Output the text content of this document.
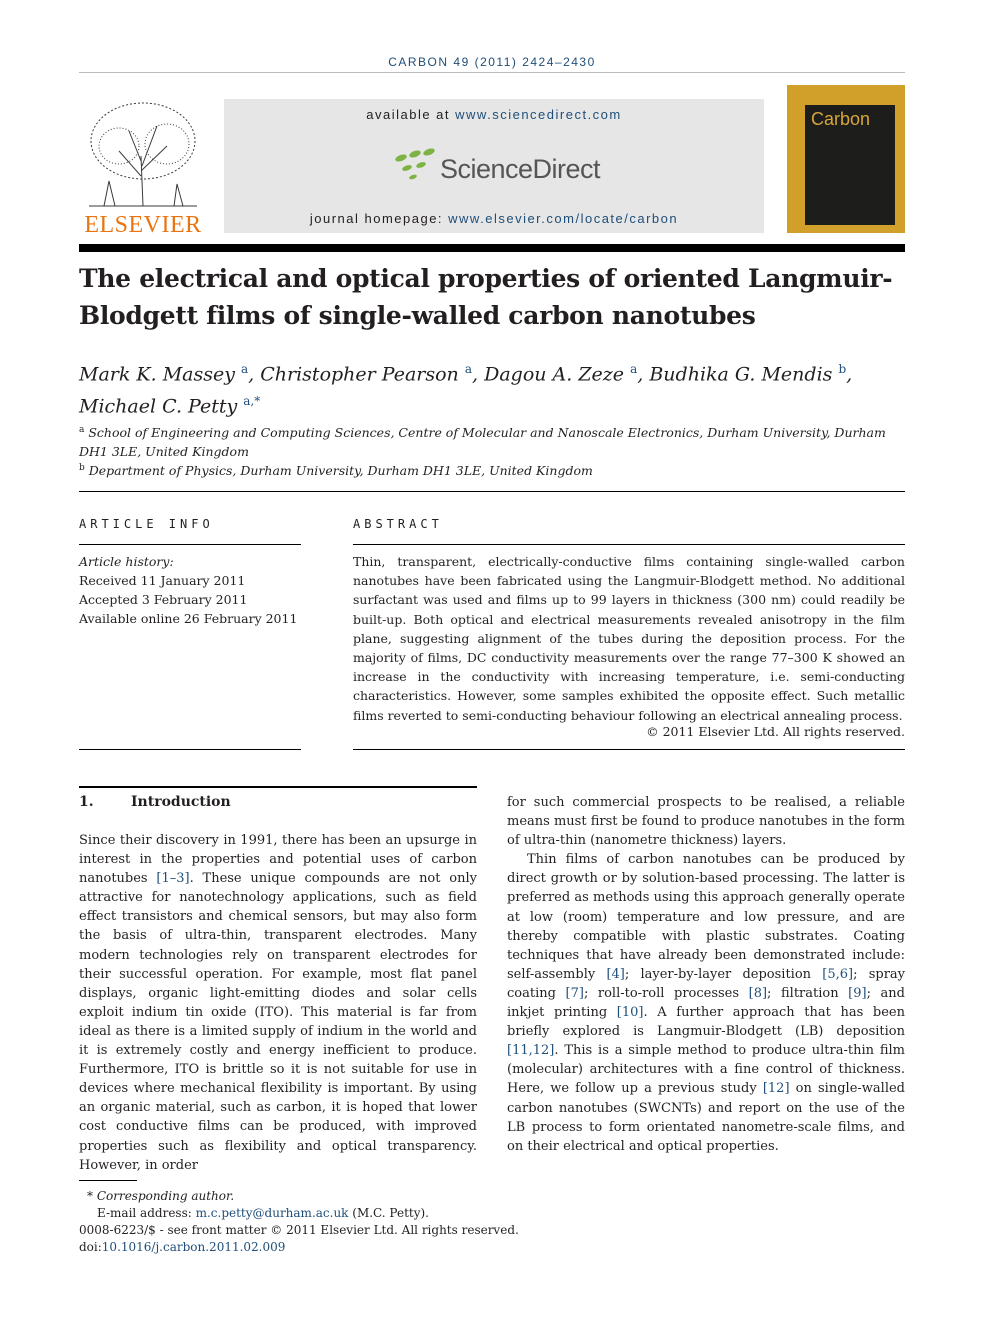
CARBON 49 (2011) 2424–2430
ELSEVIER
available at www.sciencedirect.com
ScienceDirect
journal homepage: www.elsevier.com/locate/carbon
Carbon
The electrical and optical properties of oriented Langmuir-Blodgett films of single-walled carbon nanotubes
Mark K. Massey $^a$, Christopher Pearson $^a$, Dagou A. Zeze $^a$, Budhika G. Mendis $^b$,
Michael C. Petty $^{a,*}$
$^a$ School of Engineering and Computing Sciences, Centre of Molecular and Nanoscale Electronics, Durham University, Durham DH1 3LE, United Kingdom
$^b$ Department of Physics, Durham University, Durham DH1 3LE, United Kingdom
ARTICLE INFO
Article history:
Received 11 January 2011
Accepted 3 February 2011
Available online 26 February 2011
ABSTRACT
Thin, transparent, electrically-conductive films containing single-walled carbon nanotubes have been fabricated using the Langmuir-Blodgett method. No additional surfactant was used and films up to 99 layers in thickness (300 nm) could readily be built-up. Both optical and electrical measurements revealed anisotropy in the film plane, suggesting alignment of the tubes during the deposition process. For the majority of films, DC conductivity measurements over the range 77–300 K showed an increase in the conductivity with increasing temperature, i.e. semi-conducting characteristics. However, some samples exhibited the opposite effect. Such metallic films reverted to semi-conducting behaviour following an electrical annealing process.
© 2011 Elsevier Ltd. All rights reserved.
1.	Introduction

Since their discovery in 1991, there has been an upsurge in interest in the properties and potential uses of carbon nanotubes [1–3]. These unique compounds are not only attractive for nanotechnology applications, such as field effect transistors and chemical sensors, but may also form the basis of ultra-thin, transparent electrodes. Many modern technologies rely on transparent electrodes for their successful operation. For example, most flat panel displays, organic light-emitting diodes and solar cells exploit indium tin oxide (ITO). This material is far from ideal as there is a limited supply of indium in the world and it is extremely costly and energy inefficient to produce. Furthermore, ITO is brittle so it is not suitable for use in devices where mechanical flexibility is important. By using an organic material, such as carbon, it is hoped that lower cost conductive films can be produced, with improved properties such as flexibility and optical transparency. However, in order

for such commercial prospects to be realised, a reliable means must first be found to produce nanotubes in the form of ultra-thin (nanometre thickness) layers.

Thin films of carbon nanotubes can be produced by direct growth or by solution-based processing. The latter is preferred as methods using this approach generally operate at low (room) temperature and low pressure, and are thereby compatible with plastic substrates. Coating techniques that have already been demonstrated include: self-assembly [4]; layer-by-layer deposition [5,6]; spray coating [7]; roll-to-roll processes [8]; filtration [9]; and inkjet printing [10]. A further approach that has been briefly explored is Langmuir-Blodgett (LB) deposition [11,12]. This is a simple method to produce ultra-thin film (molecular) architectures with a fine control of thickness. Here, we follow up a previous study [12] on single-walled carbon nanotubes (SWCNTs) and report on the use of the LB process to form orientated nanometre-scale films, and on their electrical and optical properties.

* Corresponding author.
E-mail address: m.c.petty@durham.ac.uk (M.C. Petty).
0008-6223/$ - see front matter © 2011 Elsevier Ltd. All rights reserved.
doi:10.1016/j.carbon.2011.02.009
